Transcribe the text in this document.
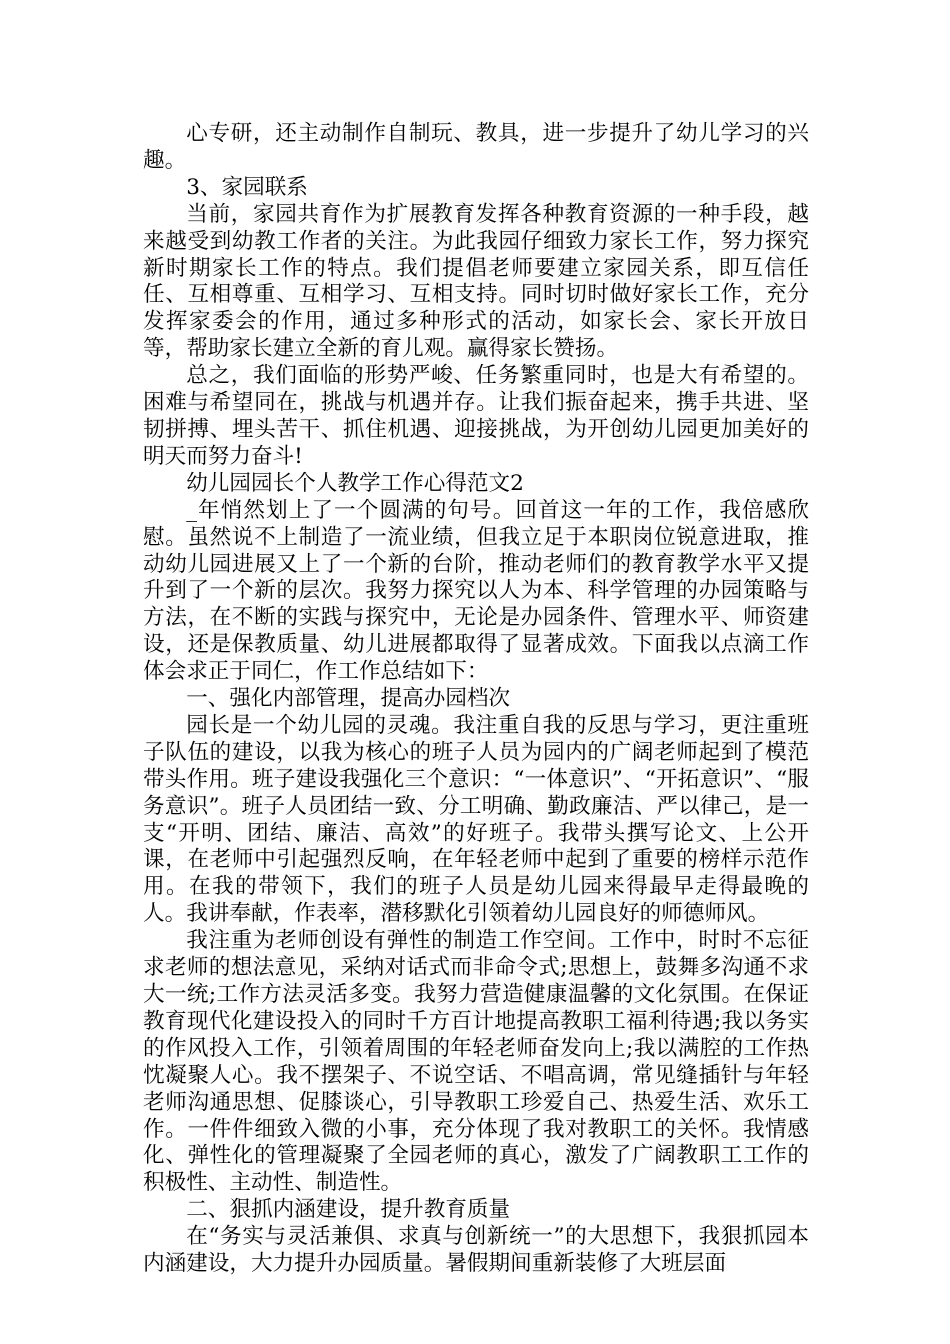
心专研，还主动制作自制玩、教具，进一步提升了幼儿学习的兴趣。

3、家园联系

当前，家园共育作为扩展教育发挥各种教育资源的一种手段，越来越受到幼教工作者的关注。为此我园仔细致力家长工作，努力探究新时期家长工作的特点。我们提倡老师要建立家园关系，即互信任任、互相尊重、互相学习、互相支持。同时切时做好家长工作，充分发挥家委会的作用，通过多种形式的活动，如家长会、家长开放日等，帮助家长建立全新的育儿观。赢得家长赞扬。

总之，我们面临的形势严峻、任务繁重同时，也是大有希望的。困难与希望同在，挑战与机遇并存。让我们振奋起来，携手共进、坚韧拼搏、埋头苦干、抓住机遇、迎接挑战，为开创幼儿园更加美好的明天而努力奋斗!

幼儿园园长个人教学工作心得范文2

_年悄然划上了一个圆满的句号。回首这一年的工作，我倍感欣慰。虽然说不上制造了一流业绩，但我立足于本职岗位锐意进取，推动幼儿园进展又上了一个新的台阶，推动老师们的教育教学水平又提升到了一个新的层次。我努力探究以人为本、科学管理的办园策略与方法，在不断的实践与探究中，无论是办园条件、管理水平、师资建设，还是保教质量、幼儿进展都取得了显著成效。下面我以点滴工作体会求正于同仁，作工作总结如下：

一、强化内部管理，提高办园档次

园长是一个幼儿园的灵魂。我注重自我的反思与学习，更注重班子队伍的建设，以我为核心的班子人员为园内的广阔老师起到了模范带头作用。班子建设我强化三个意识：“一体意识”、“开拓意识”、“服务意识”。班子人员团结一致、分工明确、勤政廉洁、严以律己，是一支“开明、团结、廉洁、高效”的好班子。我带头撰写论文、上公开课，在老师中引起强烈反响，在年轻老师中起到了重要的榜样示范作用。在我的带领下，我们的班子人员是幼儿园来得最早走得最晚的人。我讲奉献，作表率，潜移默化引领着幼儿园良好的师德师风。

我注重为老师创设有弹性的制造工作空间。工作中，时时不忘征求老师的想法意见，采纳对话式而非命令式;思想上，鼓舞多沟通不求大一统;工作方法灵活多变。我努力营造健康温馨的文化氛围。在保证教育现代化建设投入的同时千方百计地提高教职工福利待遇;我以务实的作风投入工作，引领着周围的年轻老师奋发向上;我以满腔的工作热忱凝聚人心。我不摆架子、不说空话、不唱高调，常见缝插针与年轻老师沟通思想、促膝谈心，引导教职工珍爱自己、热爱生活、欢乐工作。一件件细致入微的小事，充分体现了我对教职工的关怀。我情感化、弹性化的管理凝聚了全园老师的真心，激发了广阔教职工工作的积极性、主动性、制造性。

二、狠抓内涵建设，提升教育质量

在“务实与灵活兼俱、求真与创新统一”的大思想下，我狠抓园本内涵建设，大力提升办园质量。暑假期间重新装修了大班层面
